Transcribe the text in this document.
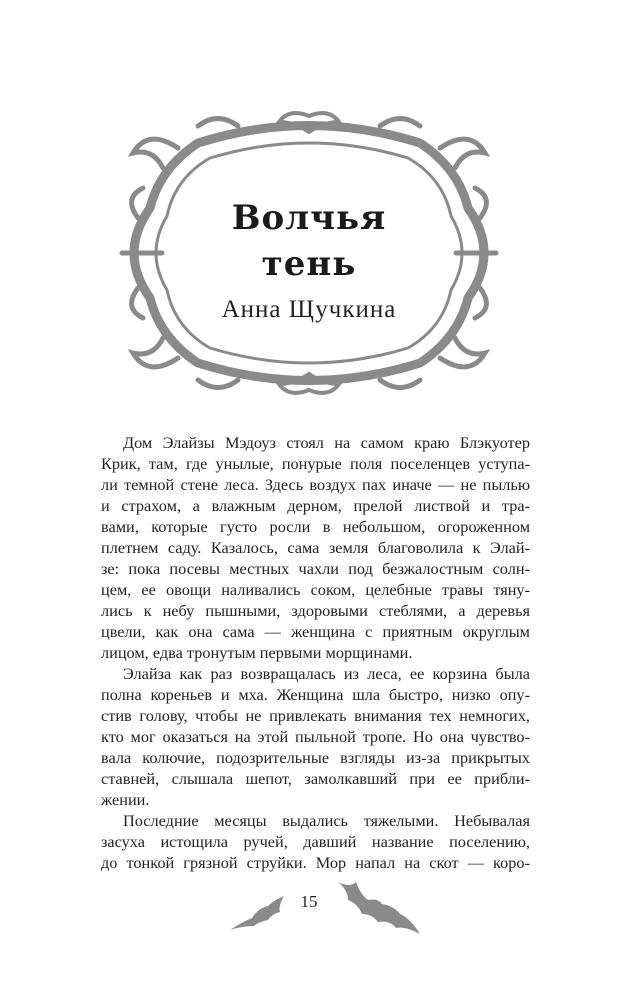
Волчья
тень
Анна Щучкина
Дом Элайзы Мэдоуз стоял на самом краю Блэкуотер
Крик, там, где унылые, понурые поля поселенцев уступа-
ли темной стене леса. Здесь воздух пах иначе — не пылью
и страхом, а влажным дерном, прелой листвой и тра-
вами, которые густо росли в небольшом, огороженном
плетнем саду. Казалось, сама земля благоволила к Элай-
зе: пока посевы местных чахли под безжалостным солн-
цем, ее овощи наливались соком, целебные травы тяну-
лись к небу пышными, здоровыми стеблями, а деревья
цвели, как она сама — женщина с приятным округлым
лицом, едва тронутым первыми морщинами.
Элайза как раз возвращалась из леса, ее корзина была
полна кореньев и мха. Женщина шла быстро, низко опу-
стив голову, чтобы не привлекать внимания тех немногих,
кто мог оказаться на этой пыльной тропе. Но она чувство-
вала колючие, подозрительные взгляды из-за прикрытых
ставней, слышала шепот, замолкавший при ее прибли-
жении.
Последние месяцы выдались тяжелыми. Небывалая
засуха истощила ручей, давший название поселению,
до тонкой грязной струйки. Мор напал на скот — коро-
15
